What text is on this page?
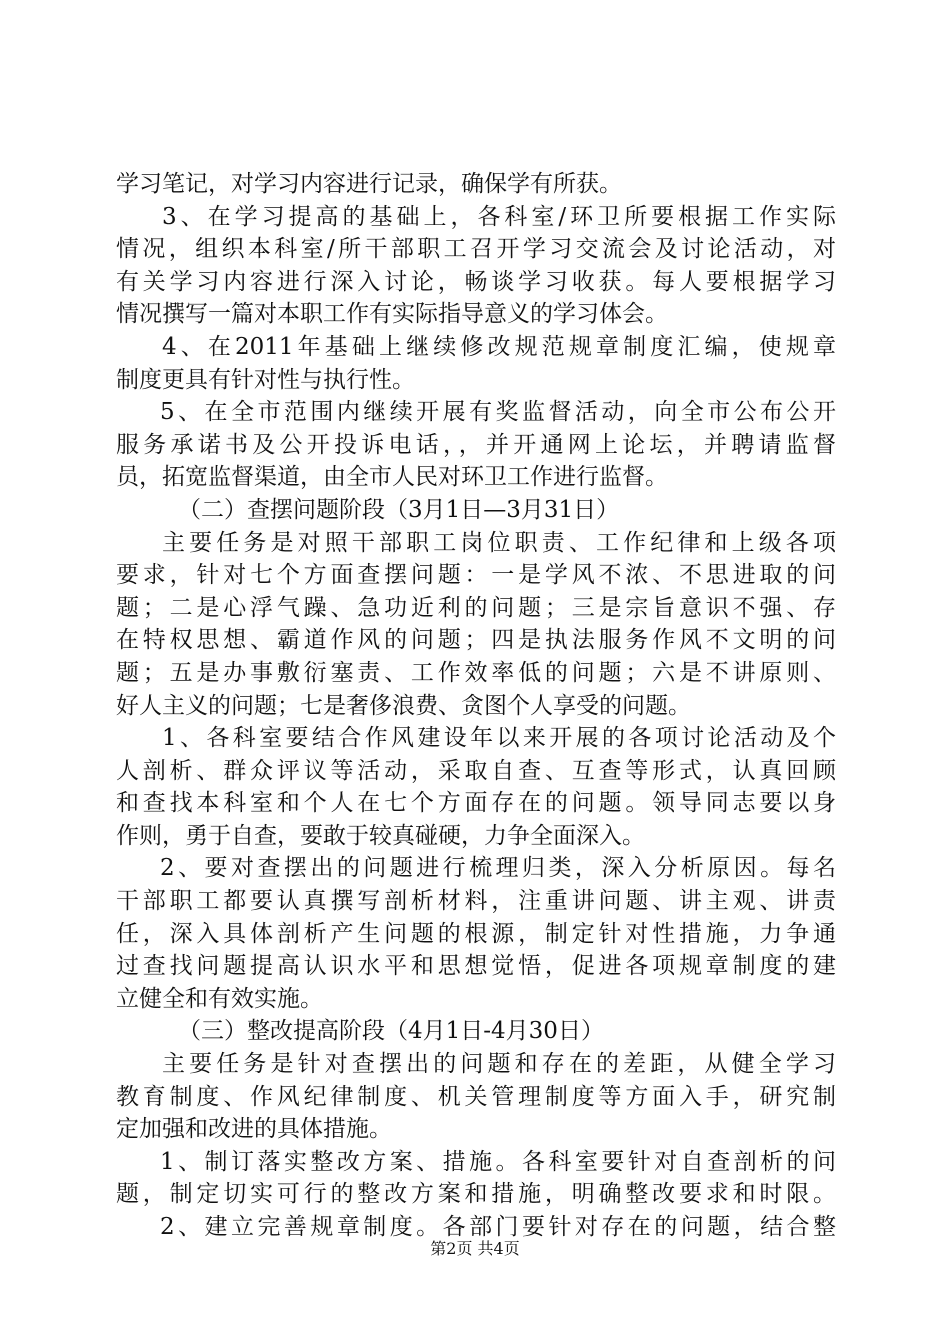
学习笔记，对学习内容进行记录，确保学有所获。
3、在学习提高的基础上，各科室/环卫所要根据工作实际
情况，组织本科室/所干部职工召开学习交流会及讨论活动，对
有关学习内容进行深入讨论，畅谈学习收获。每人要根据学习
情况撰写一篇对本职工作有实际指导意义的学习体会。
4、在2011年基础上继续修改规范规章制度汇编，使规章
制度更具有针对性与执行性。
5、在全市范围内继续开展有奖监督活动，向全市公布公开
服务承诺书及公开投诉电话，，并开通网上论坛，并聘请监督
员，拓宽监督渠道，由全市人民对环卫工作进行监督。
（二）查摆问题阶段（3月1日—3月31日）
主要任务是对照干部职工岗位职责、工作纪律和上级各项
要求，针对七个方面查摆问题：一是学风不浓、不思进取的问
题；二是心浮气躁、急功近利的问题；三是宗旨意识不强、存
在特权思想、霸道作风的问题；四是执法服务作风不文明的问
题；五是办事敷衍塞责、工作效率低的问题；六是不讲原则、
好人主义的问题；七是奢侈浪费、贪图个人享受的问题。
1、各科室要结合作风建设年以来开展的各项讨论活动及个
人剖析、群众评议等活动，采取自查、互查等形式，认真回顾
和查找本科室和个人在七个方面存在的问题。领导同志要以身
作则，勇于自查，要敢于较真碰硬，力争全面深入。
2、要对查摆出的问题进行梳理归类，深入分析原因。每名
干部职工都要认真撰写剖析材料，注重讲问题、讲主观、讲责
任，深入具体剖析产生问题的根源，制定针对性措施，力争通
过查找问题提高认识水平和思想觉悟，促进各项规章制度的建
立健全和有效实施。
（三）整改提高阶段（4月1日-4月30日）
主要任务是针对查摆出的问题和存在的差距，从健全学习
教育制度、作风纪律制度、机关管理制度等方面入手，研究制
定加强和改进的具体措施。
1、制订落实整改方案、措施。各科室要针对自查剖析的问
题，制定切实可行的整改方案和措施，明确整改要求和时限。
2、建立完善规章制度。各部门要针对存在的问题，结合整
第2页 共4页
